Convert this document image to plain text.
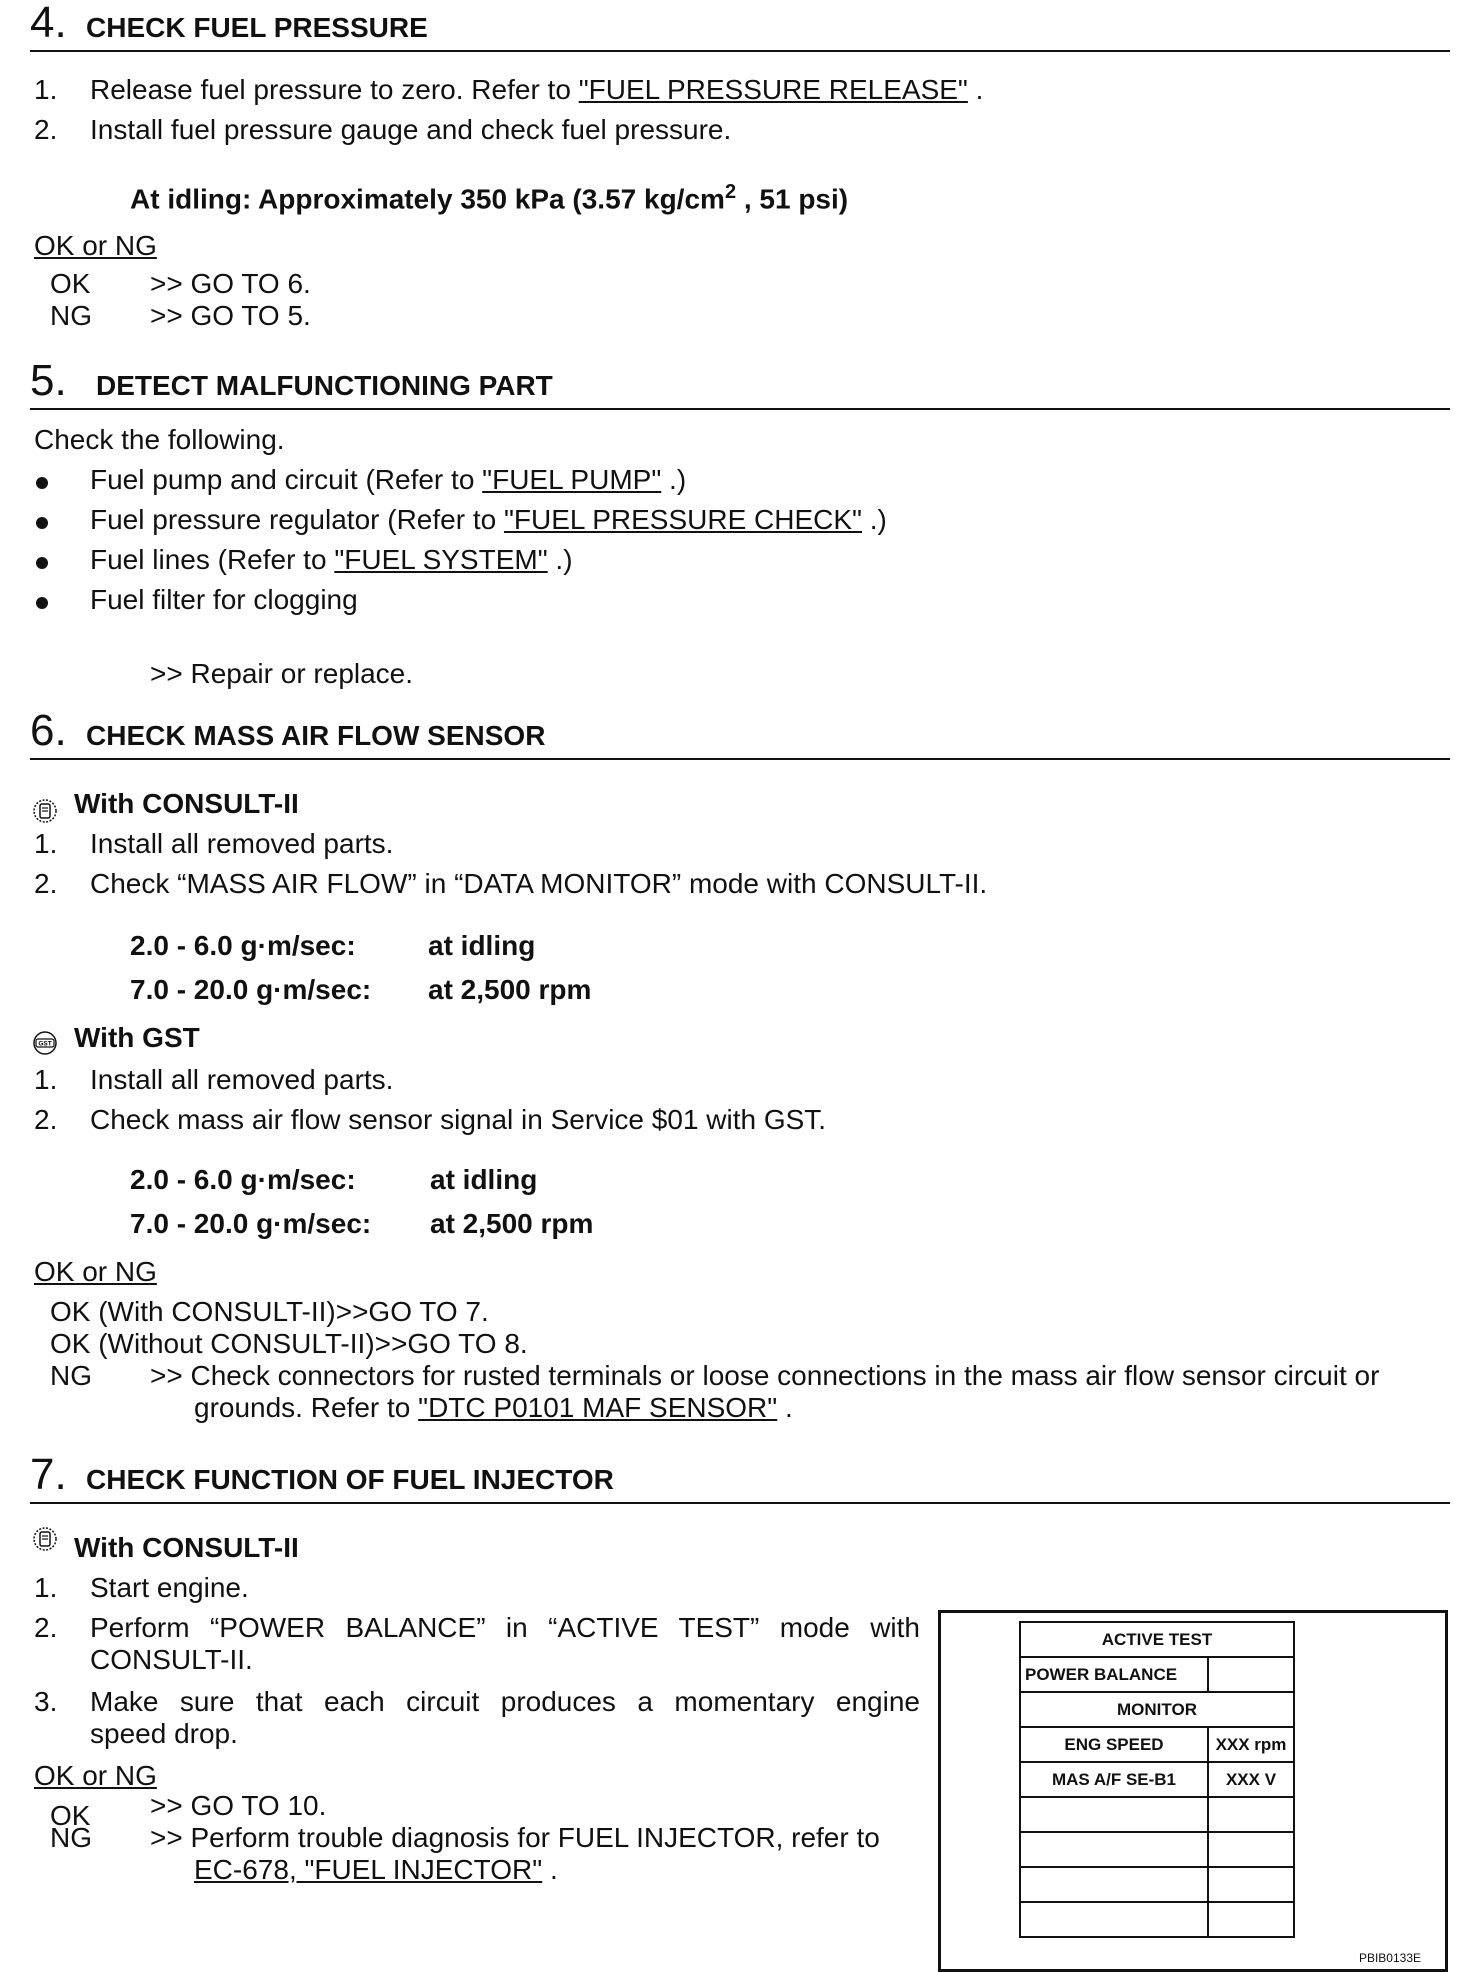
4. CHECK FUEL PRESSURE
1. Release fuel pressure to zero. Refer to "FUEL PRESSURE RELEASE" .
2. Install fuel pressure gauge and check fuel pressure.
At idling: Approximately 350 kPa (3.57 $kg/cm^2$ , 51 psi)
OK or NG
OK >> GO TO 6.
NG >> GO TO 5.
5. DETECT MALFUNCTIONING PART
Check the following.
Fuel pump and circuit (Refer to "FUEL PUMP" .)
Fuel pressure regulator (Refer to "FUEL PRESSURE CHECK" .)
Fuel lines (Refer to "FUEL SYSTEM" .)
Fuel filter for clogging
>> Repair or replace.
6. CHECK MASS AIR FLOW SENSOR
With CONSULT-II
1. Install all removed parts.
2. Check “MASS AIR FLOW” in “DATA MONITOR” mode with CONSULT-II.
2.0 - 6.0 g·m/sec:	at idling
7.0 - 20.0 g·m/sec: at 2,500 rpm
GST With GST
1. Install all removed parts.
2. Check mass air flow sensor signal in Service $01 with GST.
2.0 - 6.0 g·m/sec:	at idling
7.0 - 20.0 g·m/sec: at 2,500 rpm
OK or NG
OK (With CONSULT-II)>>GO TO 7.
OK (Without CONSULT-II)>>GO TO 8.
NG >> Check connectors for rusted terminals or loose connections in the mass air flow sensor circuit or
grounds. Refer to "DTC P0101 MAF SENSOR" .
7. CHECK FUNCTION OF FUEL INJECTOR
With CONSULT-II
1. Start engine.
2. Perform “POWER BALANCE” in “ACTIVE TEST” mode with
CONSULT-II.
3. Make sure that each circuit produces a momentary engine
speed drop.
OK or NG
OK >> GO TO 10.
NG >> Perform trouble diagnosis for FUEL INJECTOR, refer to
EC-678, "FUEL INJECTOR" .
ACTIVE TEST	
POWER BALANCE	
MONITOR	
ENG SPEED	XXX rpm
MAS A/F SE-B1	XXX V

PBIB0133E
